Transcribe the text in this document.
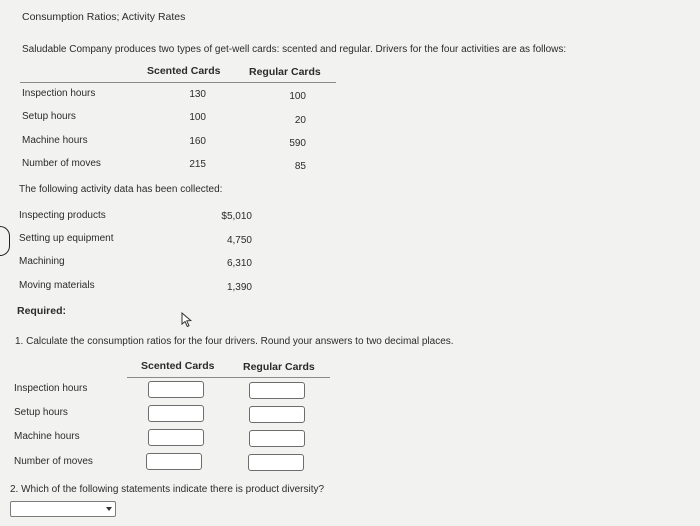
Consumption Ratios; Activity Rates
Saludable Company produces two types of get-well cards: scented and regular. Drivers for the four activities are as follows:
Scented Cards	Regular Cards
Inspection hours	130	100
Setup hours	100	20
Machine hours	160	590
Number of moves	215	85
The following activity data has been collected:
Inspecting products	$5,010
Setting up equipment	4,750
Machining	6,310
Moving materials	1,390
Required:
1. Calculate the consumption ratios for the four drivers. Round your answers to two decimal places.
Scented Cards	Regular Cards
Inspection hours
Setup hours
Machine hours
Number of moves
2. Which of the following statements indicate there is product diversity?
